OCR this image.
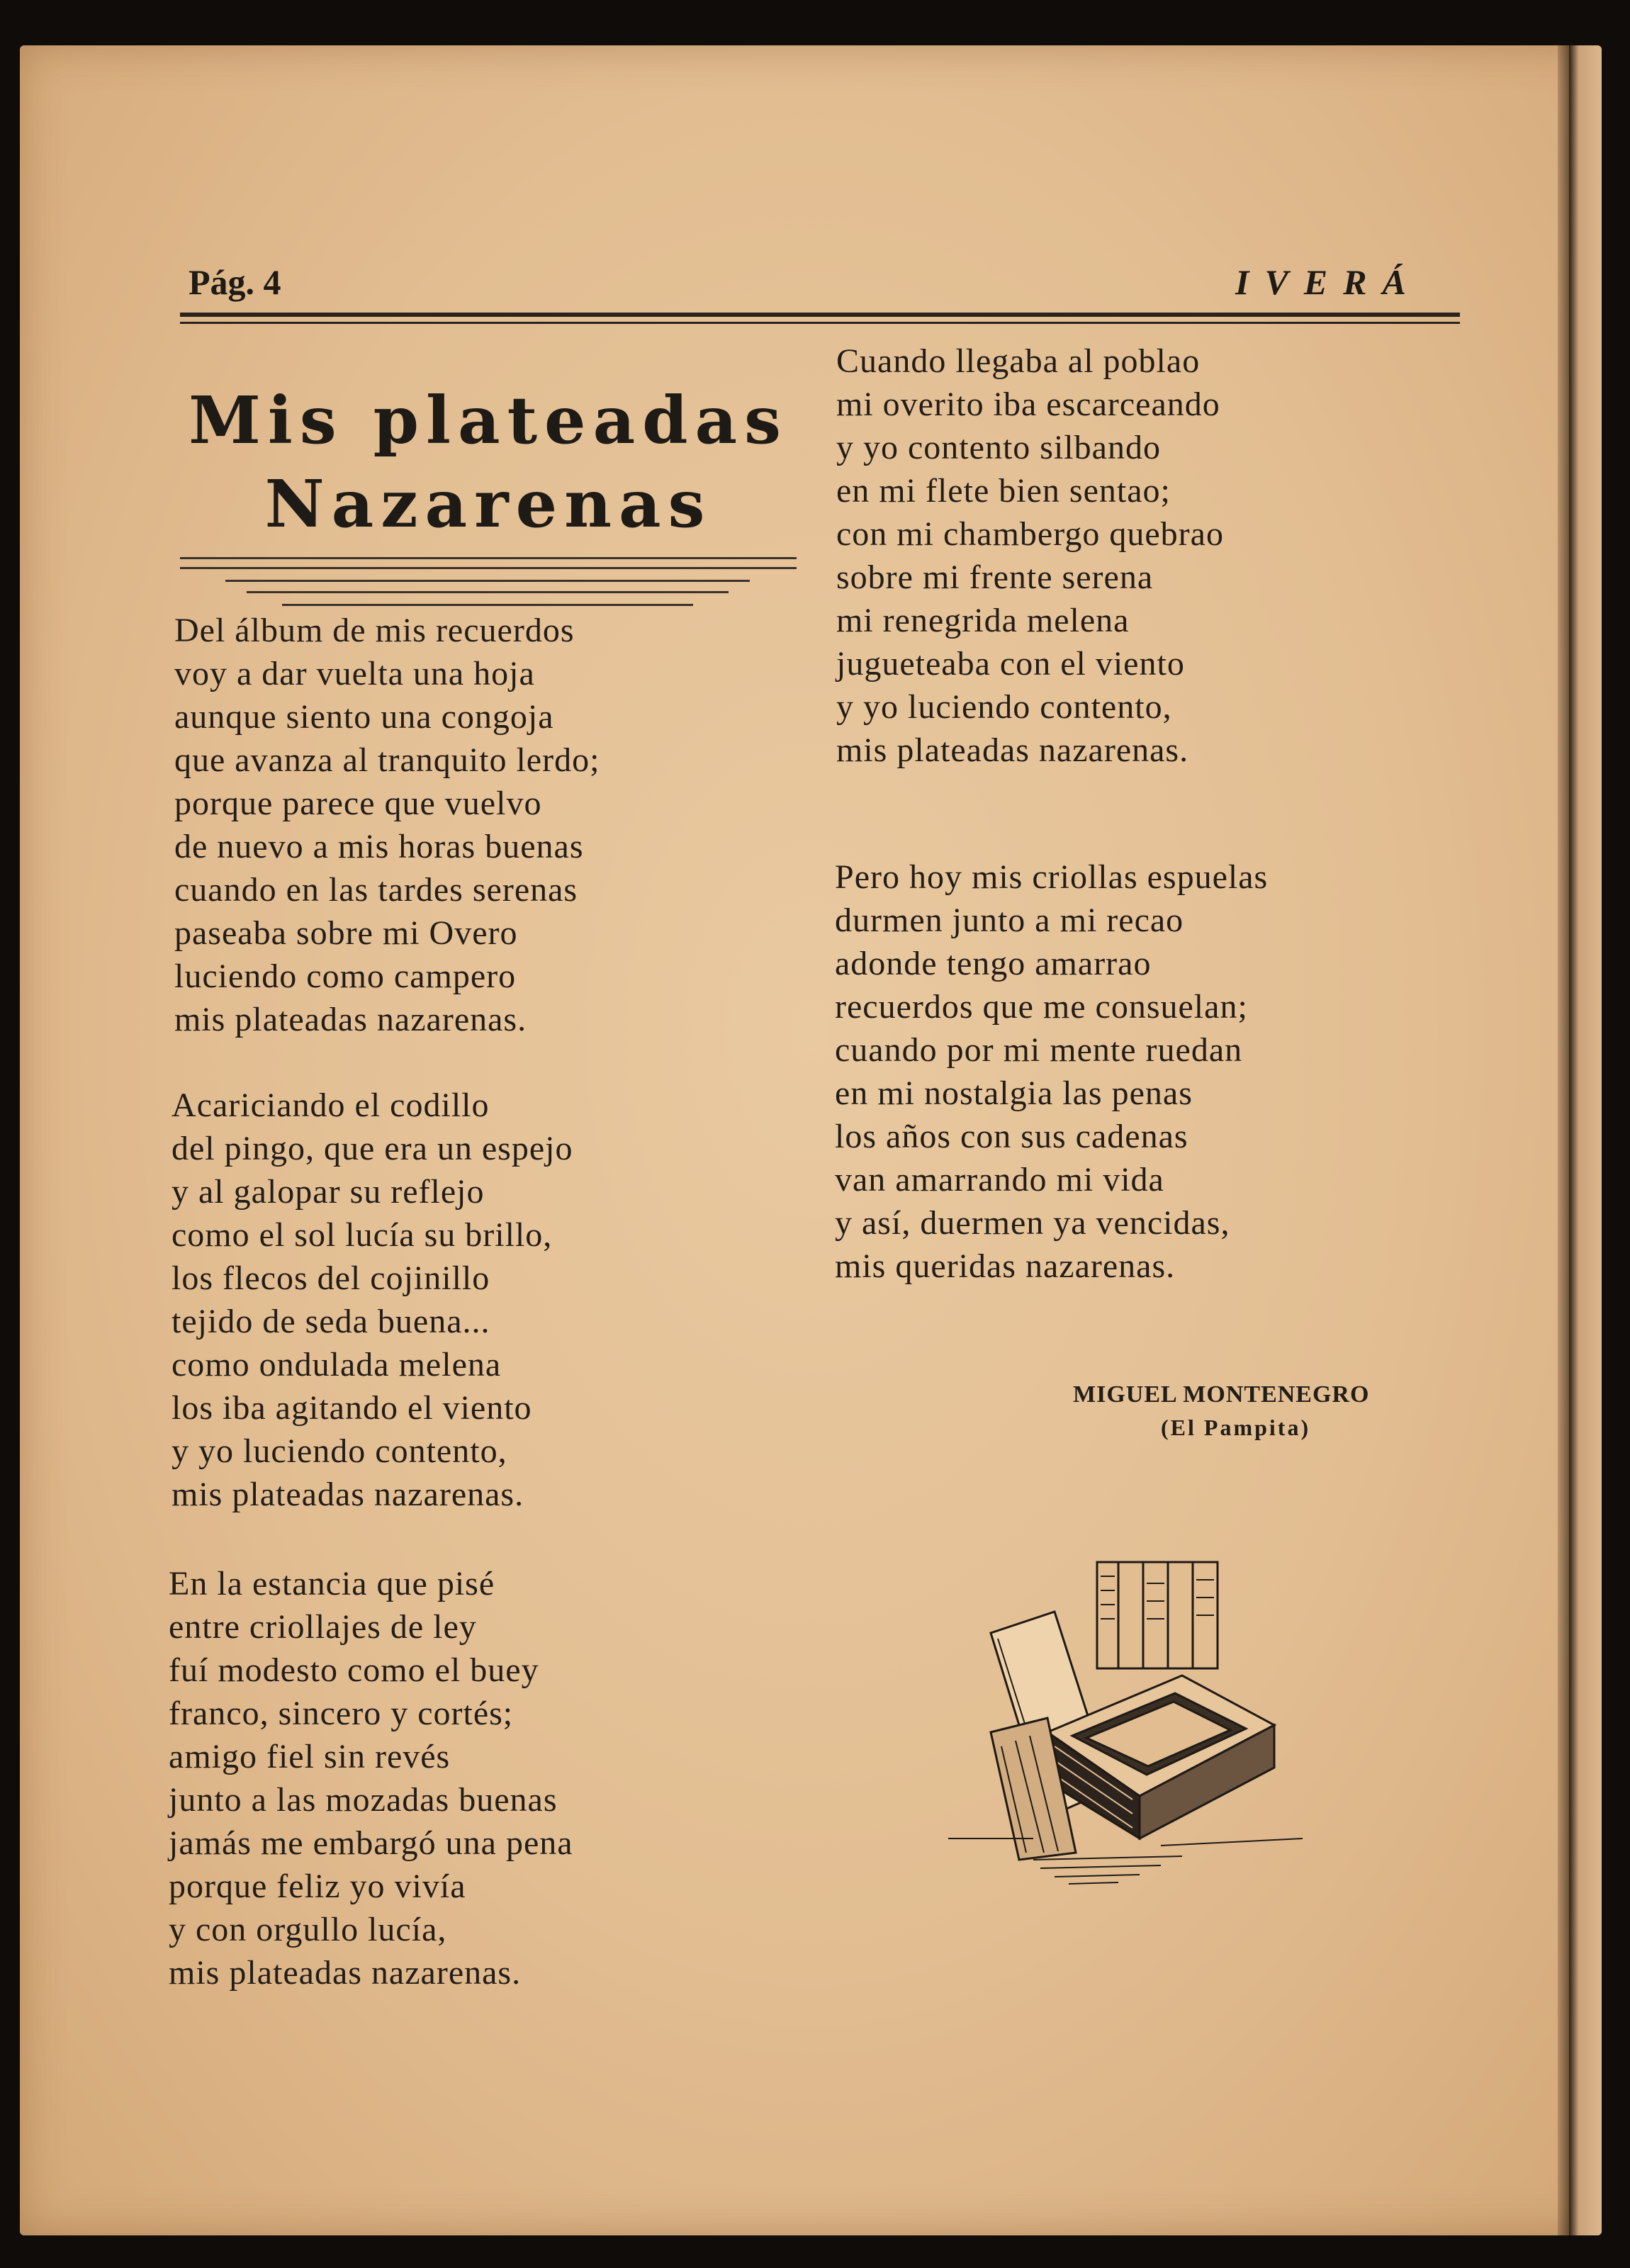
Pág. 4	IVERÁ
Mis plateadas
Nazarenas
Del álbum de mis recuerdos
voy a dar vuelta una hoja
aunque siento una congoja
que avanza al tranquito lerdo;
porque parece que vuelvo
de nuevo a mis horas buenas
cuando en las tardes serenas
paseaba sobre mi Overo
luciendo como campero
mis plateadas nazarenas.
Acariciando el codillo
del pingo, que era un espejo
y al galopar su reflejo
como el sol lucía su brillo,
los flecos del cojinillo
tejido de seda buena...
como ondulada melena
los iba agitando el viento
y yo luciendo contento,
mis plateadas nazarenas.
En la estancia que pisé
entre criollajes de ley
fuí modesto como el buey
franco, sincero y cortés;
amigo fiel sin revés
junto a las mozadas buenas
jamás me embargó una pena
porque feliz yo vivía
y con orgullo lucía,
mis plateadas nazarenas.
Cuando llegaba al poblao
mi overito iba escarceando
y yo contento silbando
en mi flete bien sentao;
con mi chambergo quebrao
sobre mi frente serena
mi renegrida melena
jugueteaba con el viento
y yo luciendo contento,
mis plateadas nazarenas.
Pero hoy mis criollas espuelas
durmen junto a mi recao
adonde tengo amarrao
recuerdos que me consuelan;
cuando por mi mente ruedan
en mi nostalgia las penas
los años con sus cadenas
van amarrando mi vida
y así, duermen ya vencidas,
mis queridas nazarenas.
MIGUEL MONTENEGRO
(El Pampita)
